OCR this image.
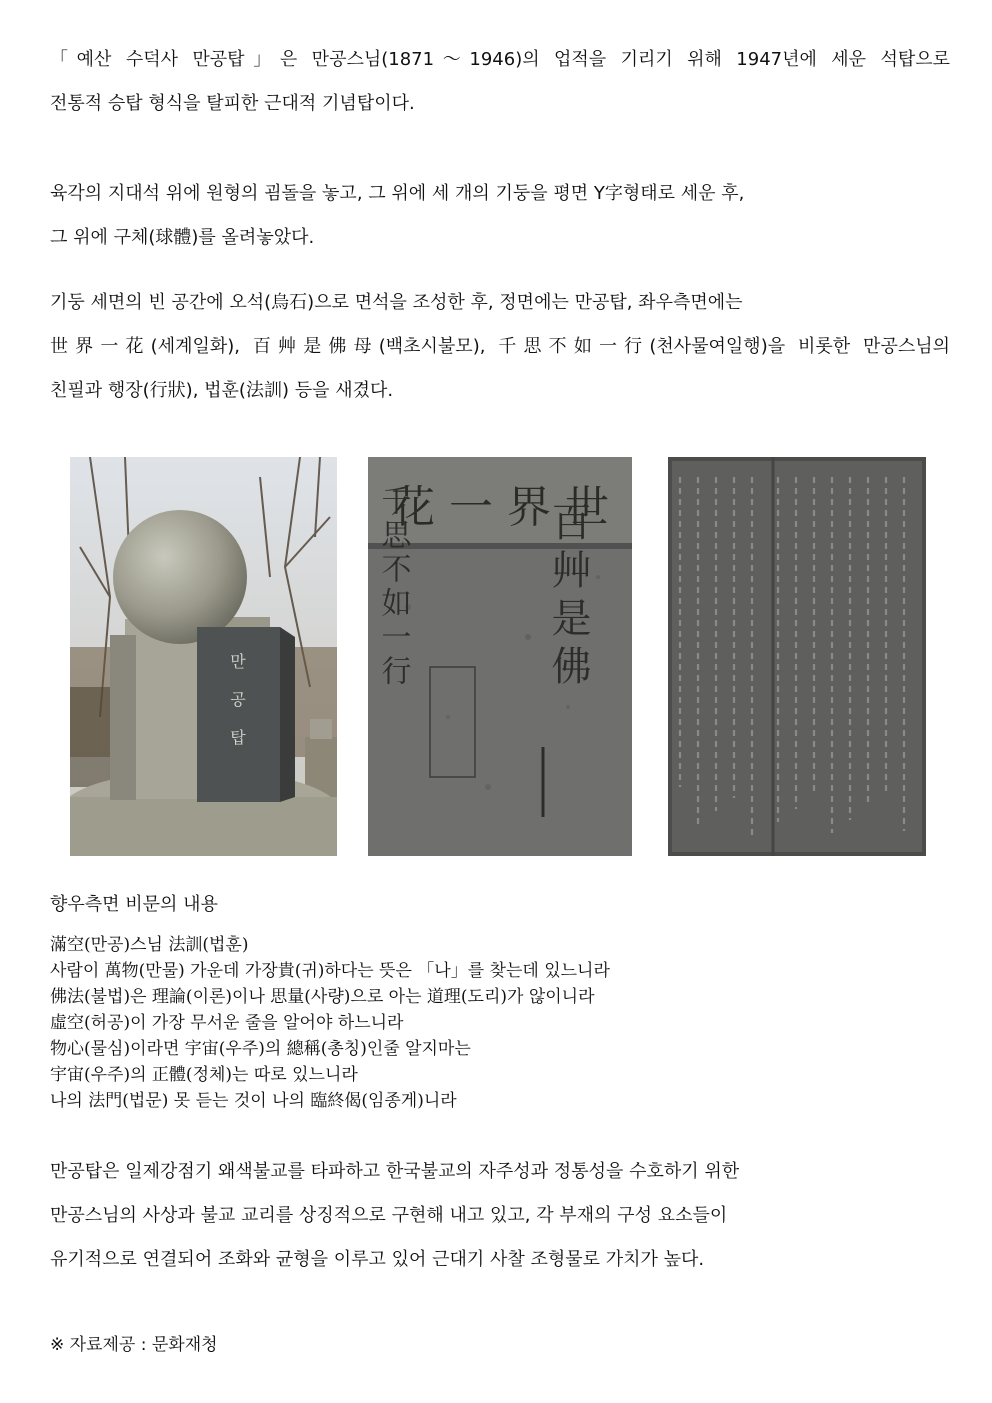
「예산 수덕사 만공탑」은 만공스님(1871～1946)의 업적을 기리기 위해 1947년에 세운 석탑으로

전통적 승탑 형식을 탈피한 근대적 기념탑이다.

육각의 지대석 위에 원형의 굄돌을 놓고, 그 위에 세 개의 기둥을 평면 Y字형태로 세운 후,

그 위에 구체(球體)를 올려놓았다.

기둥 세면의 빈 공간에 오석(烏石)으로 면석을 조성한 후, 정면에는 만공탑, 좌우측면에는

世界一花(세계일화), 百艸是佛母(백초시불모), 千思不如一行(천사물여일행)을 비롯한 만공스님의

친필과 행장(行狀), 법훈(法訓) 등을 새겼다.

만
공
탑
花 一 界 世
百艸是佛
千思不如一行
향우측면 비문의 내용
滿空(만공)스님 法訓(법훈)
사람이 萬物(만물) 가운데 가장貴(귀)하다는 뜻은 「나」를 찾는데 있느니라
佛法(불법)은 理論(이론)이나 思量(사량)으로 아는 道理(도리)가 않이니라
虛空(허공)이 가장 무서운 줄을 알어야 하느니라
物心(물심)이라면 宇宙(우주)의 總稱(총칭)인줄 알지마는
宇宙(우주)의 正體(정체)는 따로 있느니라
나의 法門(법문) 못 듣는 것이 나의 臨終偈(임종게)니라

만공탑은 일제강점기 왜색불교를 타파하고 한국불교의 자주성과 정통성을 수호하기 위한

만공스님의 사상과 불교 교리를 상징적으로 구현해 내고 있고, 각 부재의 구성 요소들이

유기적으로 연결되어 조화와 균형을 이루고 있어 근대기 사찰 조형물로 가치가 높다.

※ 자료제공 : 문화재청
